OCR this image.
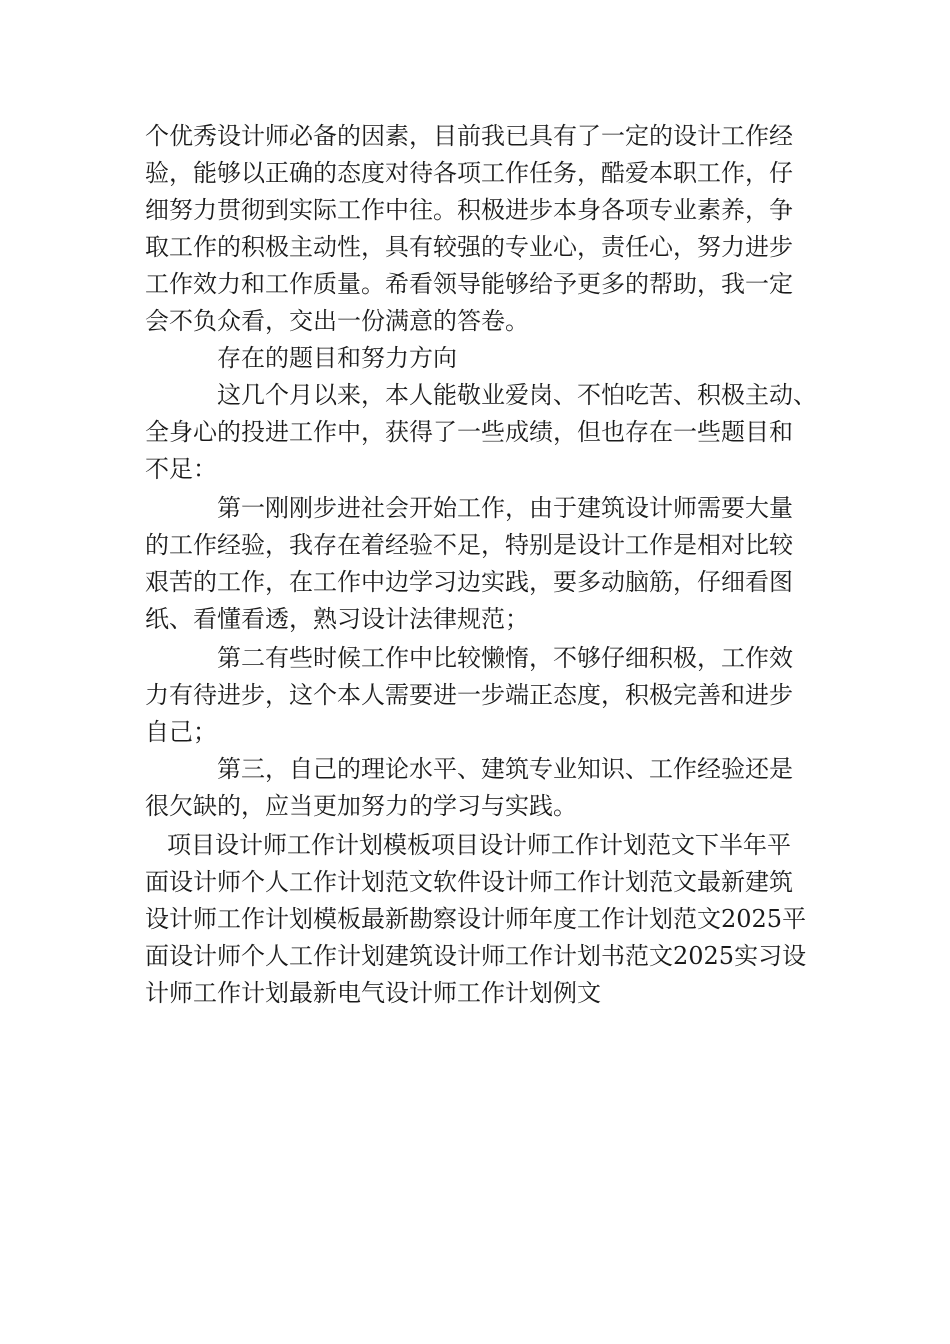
个优秀设计师必备的因素，目前我已具有了一定的设计工作经
验，能够以正确的态度对待各项工作任务，酷爱本职工作，仔
细努力贯彻到实际工作中往。积极进步本身各项专业素养，争
取工作的积极主动性，具有较强的专业心，责任心，努力进步
工作效力和工作质量。希看领导能够给予更多的帮助，我一定
会不负众看，交出一份满意的答卷。
存在的题目和努力方向
这几个月以来，本人能敬业爱岗、不怕吃苦、积极主动、
全身心的投进工作中，获得了一些成绩，但也存在一些题目和
不足：
第一刚刚步进社会开始工作，由于建筑设计师需要大量
的工作经验，我存在着经验不足，特别是设计工作是相对比较
艰苦的工作，在工作中边学习边实践，要多动脑筋，仔细看图
纸、看懂看透，熟习设计法律规范；
第二有些时候工作中比较懒惰，不够仔细积极，工作效
力有待进步，这个本人需要进一步端正态度，积极完善和进步
自己；
第三，自己的理论水平、建筑专业知识、工作经验还是
很欠缺的，应当更加努力的学习与实践。
项目设计师工作计划模板项目设计师工作计划范文下半年平
面设计师个人工作计划范文软件设计师工作计划范文最新建筑
设计师工作计划模板最新勘察设计师年度工作计划范文2025平
面设计师个人工作计划建筑设计师工作计划书范文2025实习设
计师工作计划最新电气设计师工作计划例文
